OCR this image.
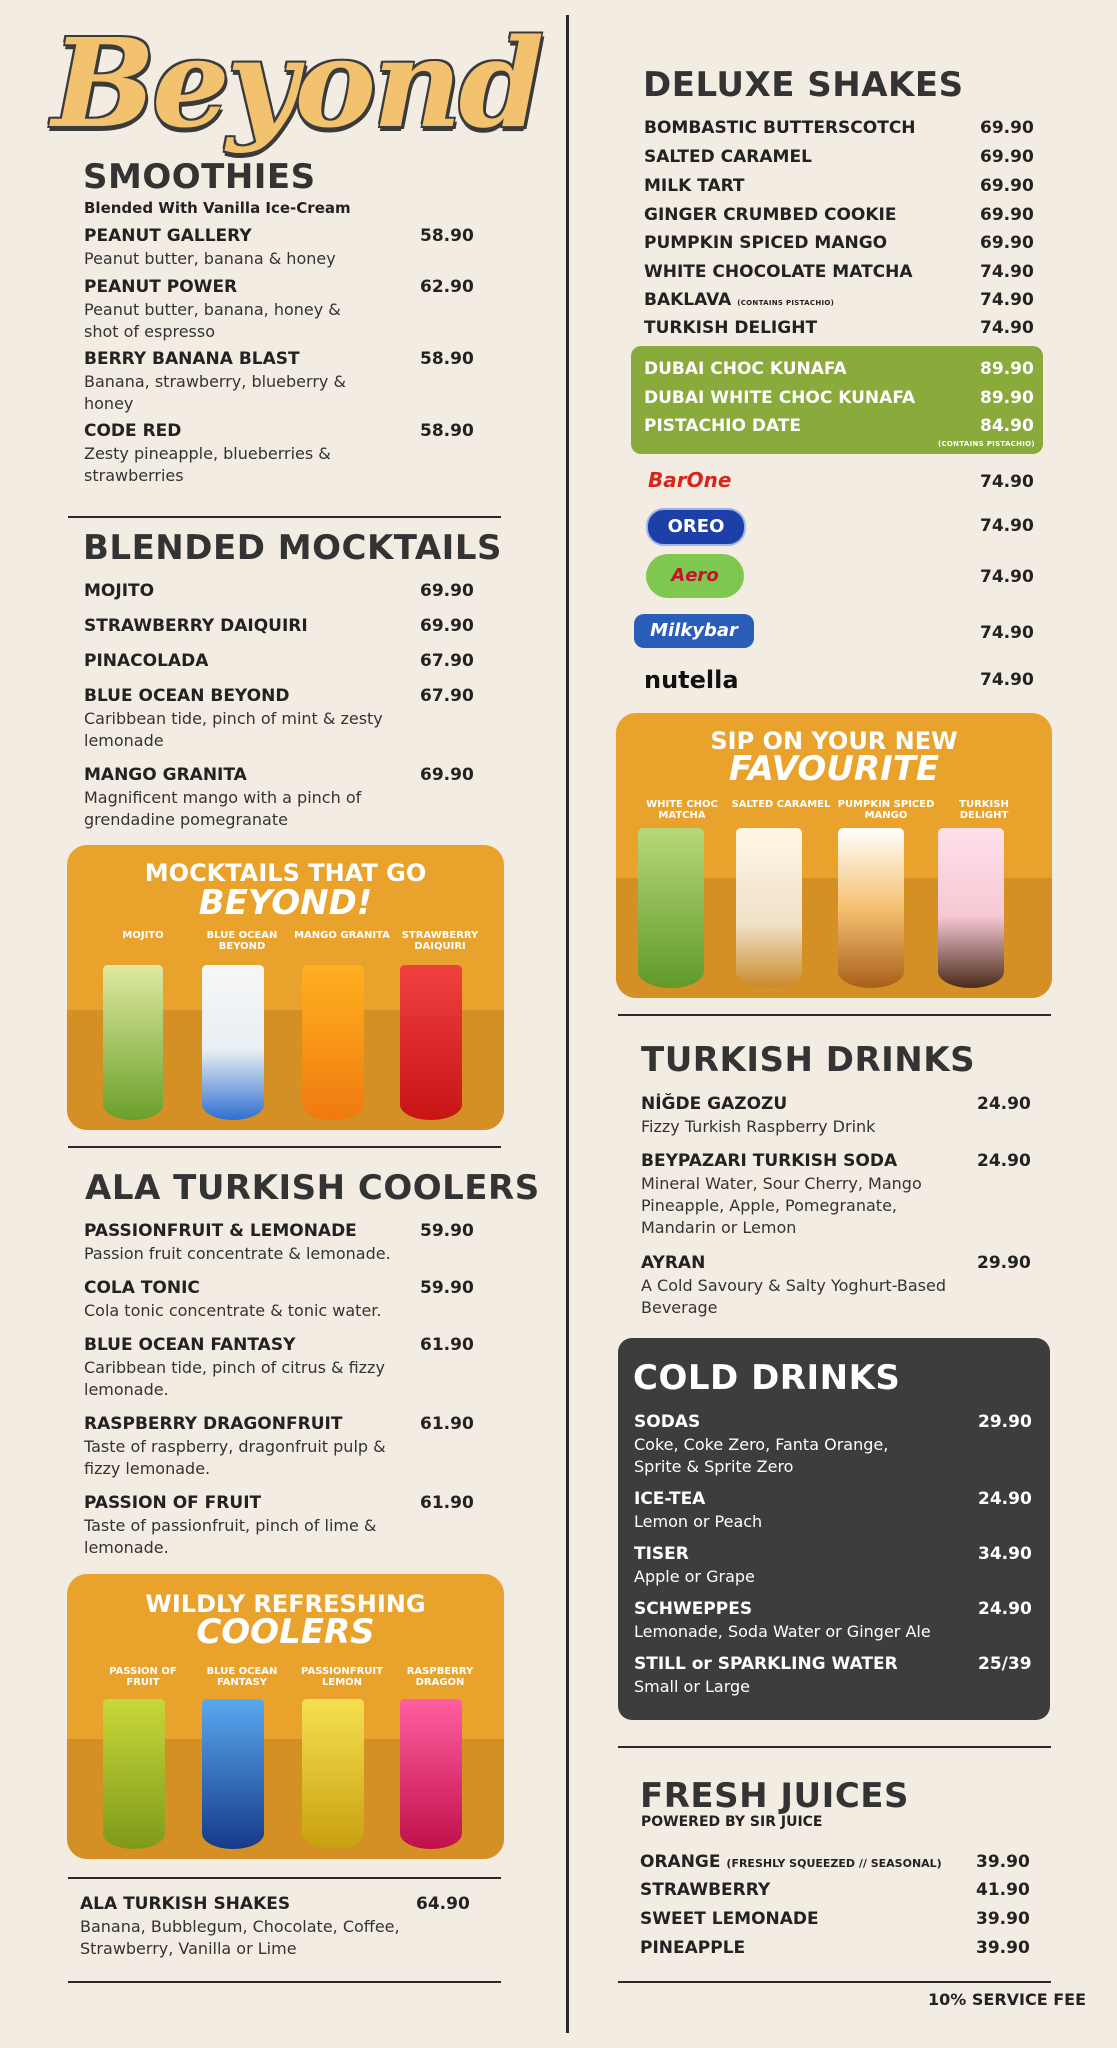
Beyond
SMOOTHIES
Blended With Vanilla Ice-Cream
PEANUT GALLERY
Peanut butter, banana & honey
58.90
PEANUT POWER
Peanut butter, banana, honey & shot of espresso
62.90
BERRY BANANA BLAST
Banana, strawberry, blueberry & honey
58.90
CODE RED
Zesty pineapple, blueberries & strawberries
58.90
BLENDED MOCKTAILS
MOJITO	69.90
STRAWBERRY DAIQUIRI	69.90
PINACOLADA	67.90
BLUE OCEAN BEYOND
Caribbean tide, pinch of mint & zesty lemonade
67.90
MANGO GRANITA
Magnificent mango with a pinch of grendadine pomegranate
69.90
MOCKTAILS THAT GO
BEYOND!
MOJITO	BLUE OCEAN BEYOND
MANGO GRANITA	STRAWBERRY DAIQUIRI
ALA TURKISH COOLERS
PASSIONFRUIT & LEMONADE
Passion fruit concentrate & lemonade.
59.90
COLA TONIC
Cola tonic concentrate & tonic water.
59.90
BLUE OCEAN FANTASY
Caribbean tide, pinch of citrus & fizzy lemonade.
61.90
RASPBERRY DRAGONFRUIT
Taste of raspberry, dragonfruit pulp & fizzy lemonade.
61.90
PASSION OF FRUIT
Taste of passionfruit, pinch of lime & lemonade.
61.90
WILDLY REFRESHING
COOLERS
PASSION OF FRUIT
BLUE OCEAN FANTASY
PASSIONFRUIT LEMON
RASPBERRY DRAGON
ALA TURKISH SHAKES
Banana, Bubblegum, Chocolate, Coffee, Strawberry, Vanilla or Lime
64.90
DELUXE SHAKES
BOMBASTIC BUTTERSCOTCH	69.90
SALTED CARAMEL	69.90
MILK TART	69.90
GINGER CRUMBED COOKIE	69.90
PUMPKIN SPICED MANGO	69.90
WHITE CHOCOLATE MATCHA	74.90
BAKLAVA (CONTAINS PISTACHIO)	74.90
TURKISH DELIGHT	74.90
DUBAI CHOC KUNAFA	89.90
DUBAI WHITE CHOC KUNAFA	89.90
PISTACHIO DATE	84.90
(CONTAINS PISTACHIO)
BarOne	74.90
OREO	74.90
Aero	74.90
Milkybar	74.90
nutella	74.90
SIP ON YOUR NEW
FAVOURITE
WHITE CHOC MATCHA
SALTED CARAMEL PUMPKIN SPICED MANGO
TURKISH DELIGHT
TURKISH DRINKS
NİĞDE GAZOZU
Fizzy Turkish Raspberry Drink
24.90
BEYPAZARI TURKISH SODA
Mineral Water, Sour Cherry, Mango Pineapple, Apple, Pomegranate, Mandarin or Lemon
24.90
AYRAN
A Cold Savoury & Salty Yoghurt-Based Beverage
29.90
COLD DRINKS
SODAS
Coke, Coke Zero, Fanta Orange, Sprite & Sprite Zero
29.90
ICE-TEA
Lemon or Peach
24.90
TISER
Apple or Grape
34.90
SCHWEPPES
Lemonade, Soda Water or Ginger Ale
24.90
STILL or SPARKLING WATER
Small or Large
25/39
FRESH JUICES
POWERED BY SIR JUICE
ORANGE (FRESHLY SQUEEZED // SEASONAL) 39.90
STRAWBERRY	41.90
SWEET LEMONADE	39.90
PINEAPPLE	39.90
10% SERVICE FEE
